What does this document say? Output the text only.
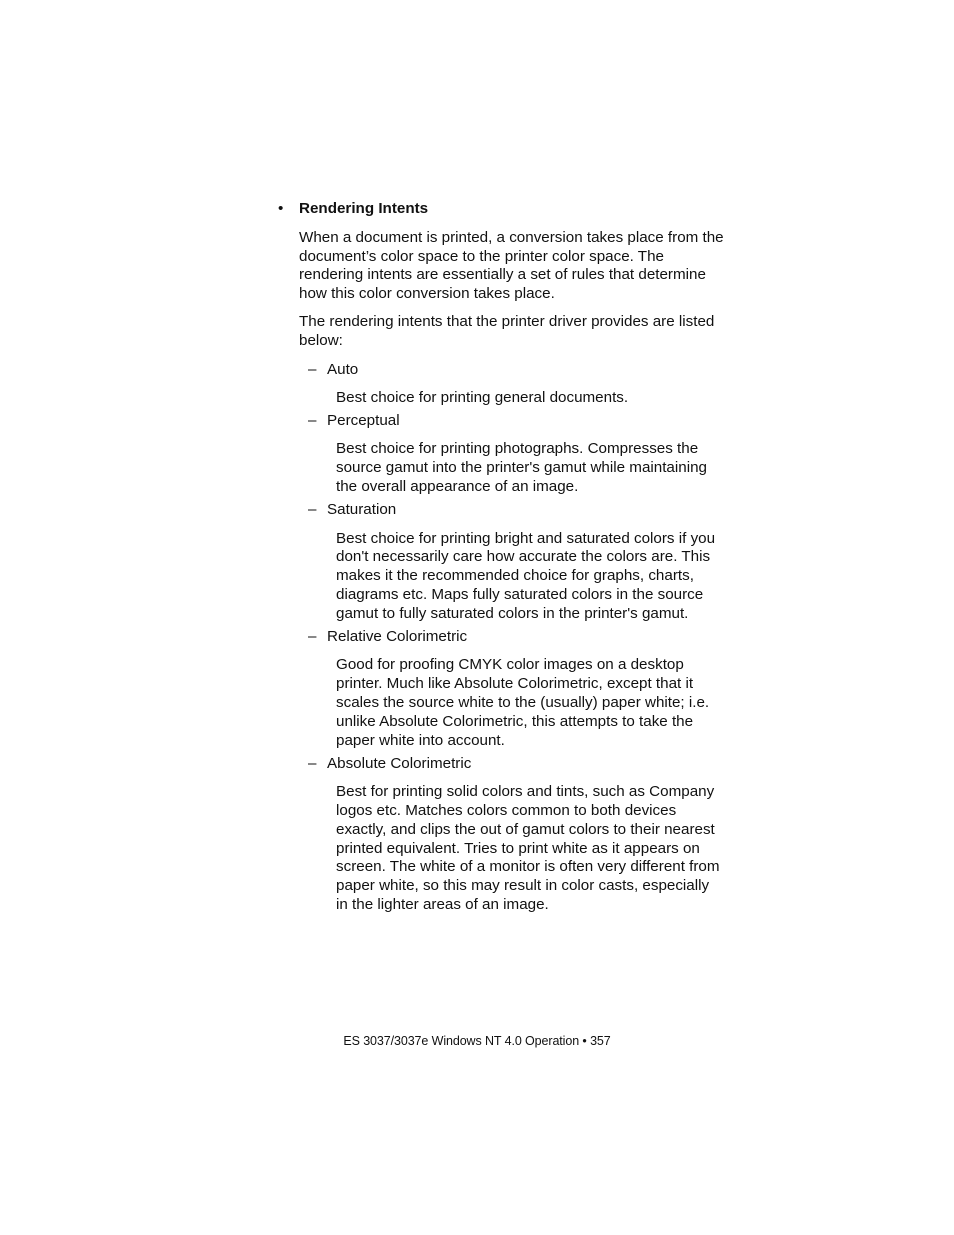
•	Rendering Intents

When a document is printed, a conversion takes place from the document’s color space to the printer color space. The rendering intents are essentially a set of rules that determine how this color conversion takes place.

The rendering intents that the printer driver provides are listed below:

– Auto

Best choice for printing general documents.

– Perceptual

Best choice for printing photographs. Compresses the source gamut into the printer's gamut while maintaining the overall appearance of an image.

– Saturation

Best choice for printing bright and saturated colors if you don't necessarily care how accurate the colors are. This makes it the recommended choice for graphs, charts, diagrams etc. Maps fully saturated colors in the source gamut to fully saturated colors in the printer's gamut.

– Relative Colorimetric

Good for proofing CMYK color images on a desktop printer. Much like Absolute Colorimetric, except that it scales the source white to the (usually) paper white; i.e. unlike Absolute Colorimetric, this attempts to take the paper white into account.

– Absolute Colorimetric

Best for printing solid colors and tints, such as Company logos etc. Matches colors common to both devices exactly, and clips the out of gamut colors to their nearest printed equivalent. Tries to print white as it appears on screen. The white of a monitor is often very different from paper white, so this may result in color casts, especially in the lighter areas of an image.

ES 3037/3037e Windows NT 4.0 Operation • 357
